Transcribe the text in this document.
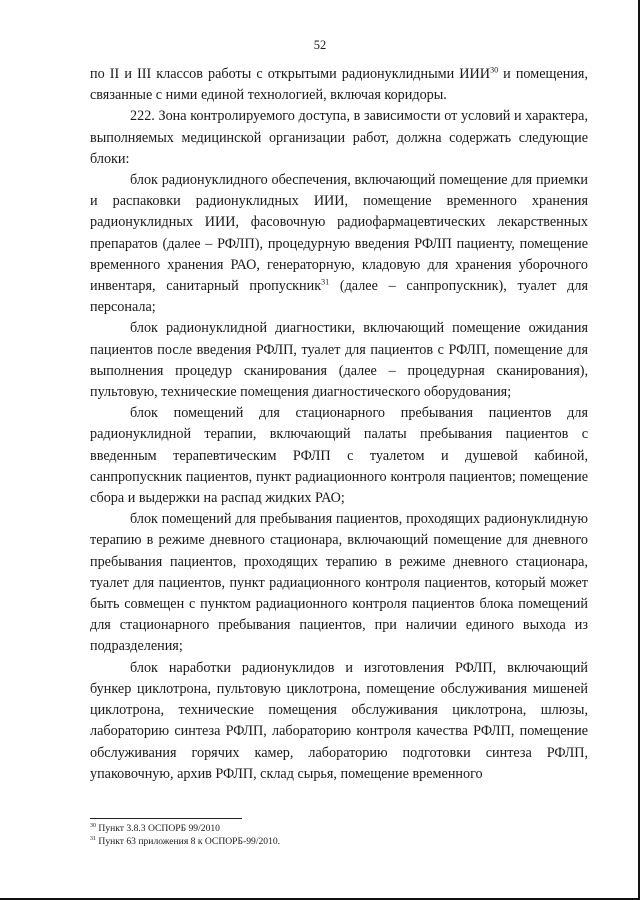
52

по II и III классов работы с открытыми радионуклидными ИИИ$^{30}$ и помещения, связанные с ними единой технологией, включая коридоры.

222. Зона контролируемого доступа, в зависимости от условий и характера, выполняемых медицинской организации работ, должна содержать следующие блоки:

блок радионуклидного обеспечения, включающий помещение для приемки и распаковки радионуклидных ИИИ, помещение временного хранения радионуклидных ИИИ, фасовочную радиофармацевтических лекарственных препаратов (далее – РФЛП), процедурную введения РФЛП пациенту, помещение временного хранения РАО, генераторную, кладовую для хранения уборочного инвентаря, санитарный пропускник$^{31}$ (далее – санпропускник), туалет для персонала;

блок радионуклидной диагностики, включающий помещение ожидания пациентов после введения РФЛП, туалет для пациентов с РФЛП, помещение для выполнения процедур сканирования (далее – процедурная сканирования), пультовую, технические помещения диагностического оборудования;

блок помещений для стационарного пребывания пациентов для радионуклидной терапии, включающий палаты пребывания пациентов с введенным терапевтическим РФЛП с туалетом и душевой кабиной, санпропускник пациентов, пункт радиационного контроля пациентов; помещение сбора и выдержки на распад жидких РАО;

блок помещений для пребывания пациентов, проходящих радионуклидную терапию в режиме дневного стационара, включающий помещение для дневного пребывания пациентов, проходящих терапию в режиме дневного стационара, туалет для пациентов, пункт радиационного контроля пациентов, который может быть совмещен с пунктом радиационного контроля пациентов блока помещений для стационарного пребывания пациентов, при наличии единого выхода из подразделения;

блок наработки радионуклидов и изготовления РФЛП, включающий бункер циклотрона, пультовую циклотрона, помещение обслуживания мишеней циклотрона, технические помещения обслуживания циклотрона, шлюзы, лабораторию синтеза РФЛП, лабораторию контроля качества РФЛП, помещение обслуживания горячих камер, лабораторию подготовки синтеза РФЛП, упаковочную, архив РФЛП, склад сырья, помещение временного

$^{30}$ Пункт 3.8.3 ОСПОРБ 99/2010
$^{31}$ Пункт 63 приложения 8 к ОСПОРБ-99/2010.
